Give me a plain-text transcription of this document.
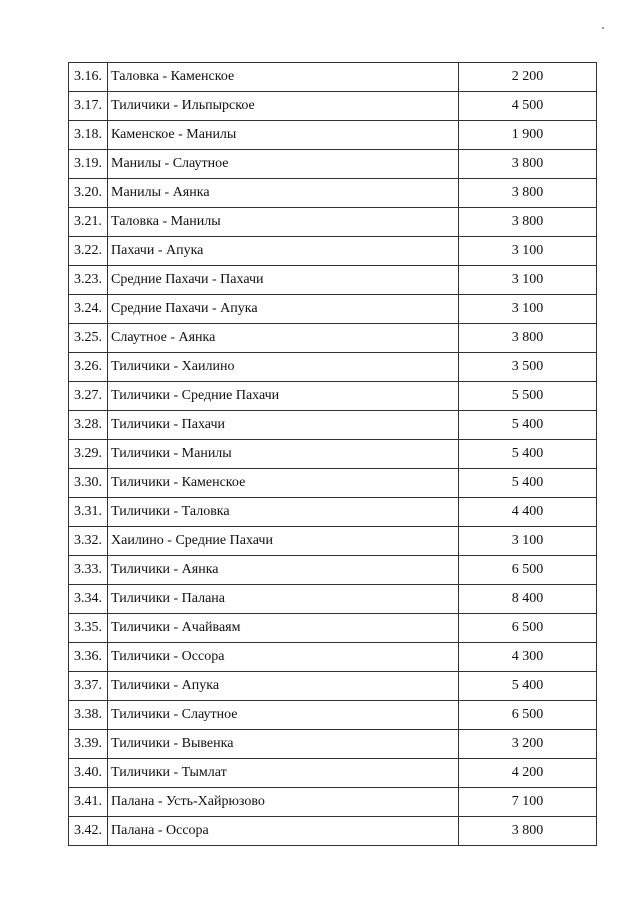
3.16.	Таловка - Каменское	2 200
3.17.	Тиличики - Ильпырское	4 500
3.18.	Каменское - Манилы	1 900
3.19.	Манилы - Слаутное	3 800
3.20.	Манилы - Аянка	3 800
3.21.	Таловка - Манилы	3 800
3.22.	Пахачи - Апука	3 100
3.23.	Средние Пахачи - Пахачи	3 100
3.24.	Средние Пахачи - Апука	3 100
3.25.	Слаутное - Аянка	3 800
3.26.	Тиличики - Хаилино	3 500
3.27.	Тиличики - Средние Пахачи	5 500
3.28.	Тиличики - Пахачи	5 400
3.29.	Тиличики - Манилы	5 400
3.30.	Тиличики - Каменское	5 400
3.31.	Тиличики - Таловка	4 400
3.32.	Хаилино - Средние Пахачи	3 100
3.33.	Тиличики - Аянка	6 500
3.34.	Тиличики - Палана	8 400
3.35.	Тиличики - Ачайваям	6 500
3.36.	Тиличики - Оссора	4 300
3.37.	Тиличики - Апука	5 400
3.38.	Тиличики - Слаутное	6 500
3.39.	Тиличики - Вывенка	3 200
3.40.	Тиличики - Тымлат	4 200
3.41.	Палана - Усть-Хайрюзово	7 100
3.42.	Палана - Оссора	3 800
